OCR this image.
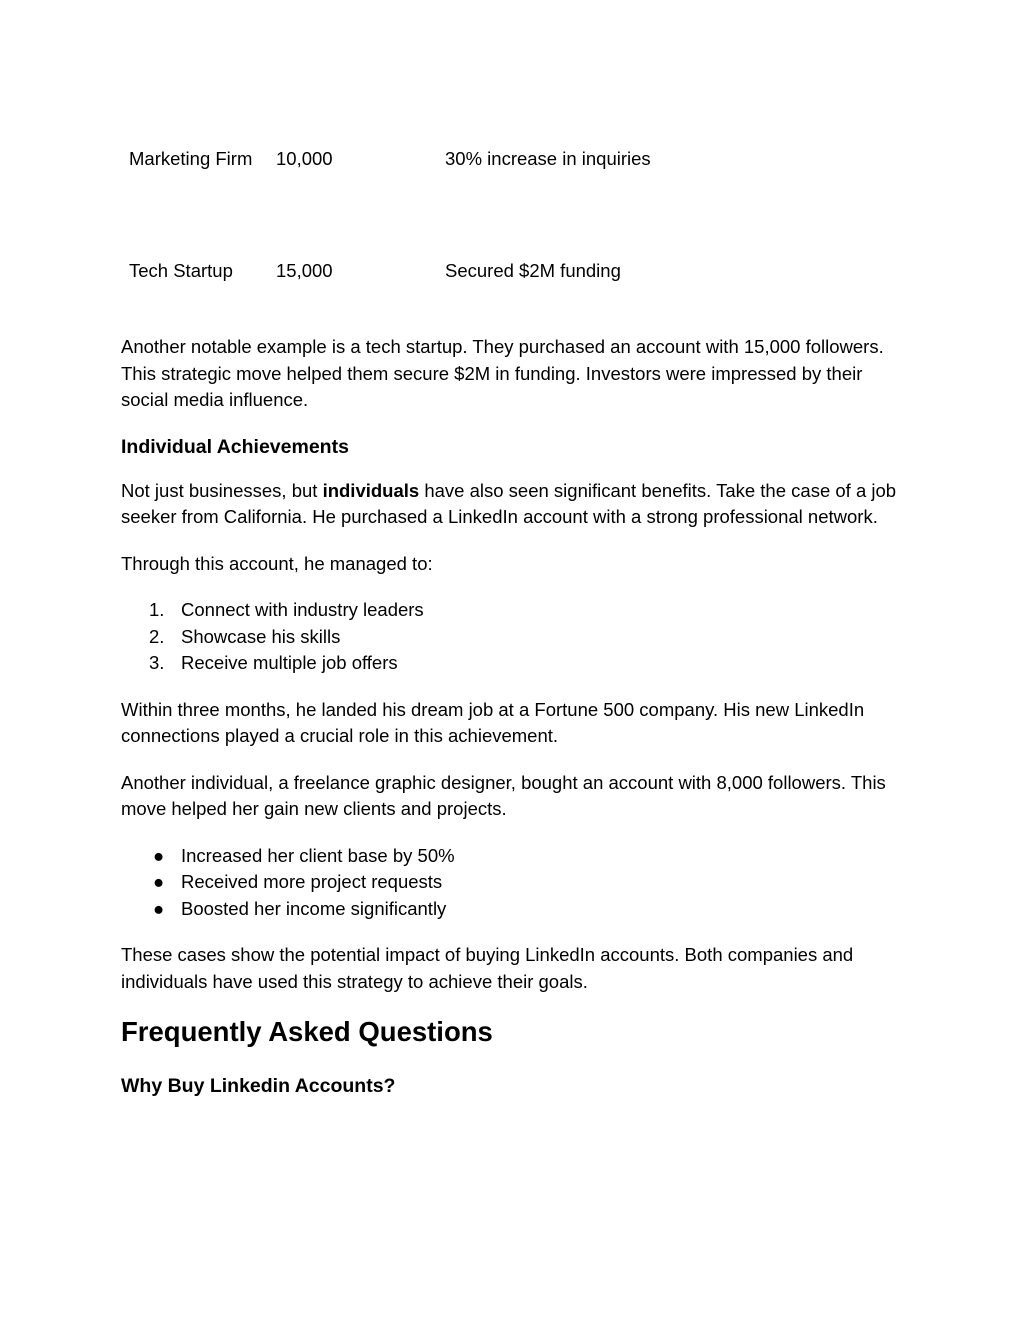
Marketing Firm	10,000	30% increase in inquiries
Tech Startup	15,000	Secured $2M funding

Another notable example is a tech startup. They purchased an account with 15,000 followers. This strategic move helped them secure $2M in funding. Investors were impressed by their social media influence.

Individual Achievements

Not just businesses, but individuals have also seen significant benefits. Take the case of a job seeker from California. He purchased a LinkedIn account with a strong professional network.

Through this account, he managed to:

1. Connect with industry leaders
2. Showcase his skills
3. Receive multiple job offers

Within three months, he landed his dream job at a Fortune 500 company. His new LinkedIn connections played a crucial role in this achievement.

Another individual, a freelance graphic designer, bought an account with 8,000 followers. This move helped her gain new clients and projects.

● Increased her client base by 50%
● Received more project requests
● Boosted her income significantly

These cases show the potential impact of buying LinkedIn accounts. Both companies and individuals have used this strategy to achieve their goals.

Frequently Asked Questions
Why Buy Linkedin Accounts?
